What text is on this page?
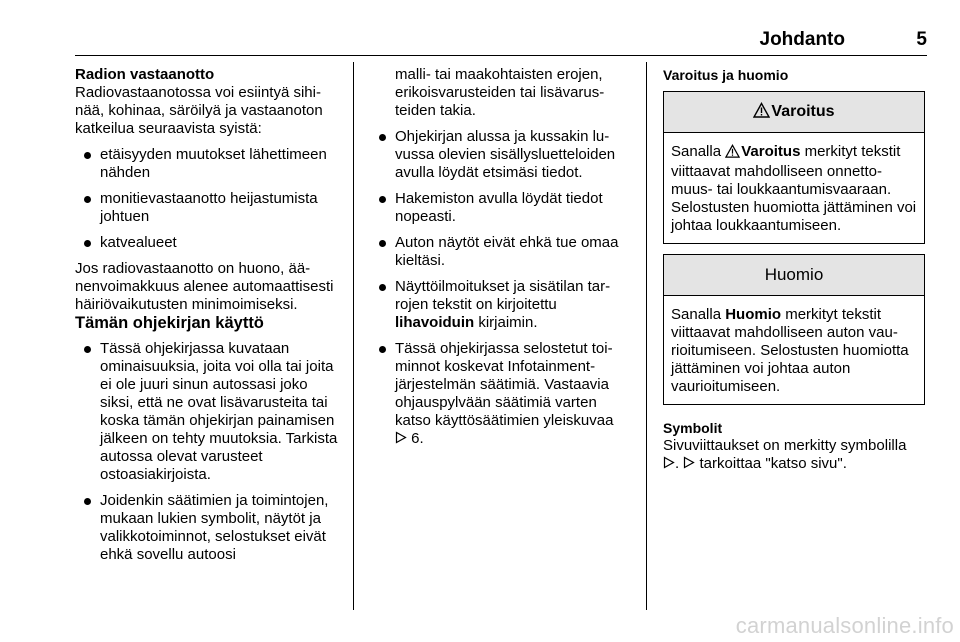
Johdanto	5

Radion vastaanotto

Radiovastaanotossa voi esiintyä sihinää, kohinaa, säröilyä ja vastaanoton katkeilua seuraavista syistä:

etäisyyden muutokset lähettimeen nähden
monitievastaanotto heijastumista johtuen
katvealueet

Jos radiovastaanotto on huono, äänenvoimakkuus alenee automaattisesti häiriövaikutusten minimoimiseksi.

Tämän ohjekirjan käyttö

Tässä ohjekirjassa kuvataan ominaisuuksia, joita voi olla tai joita ei ole juuri sinun autossasi joko siksi, että ne ovat lisävarusteita tai koska tämän ohjekirjan painamisen jälkeen on tehty muutoksia. Tarkista autossa olevat varusteet ostoasiakirjoista.
Joidenkin säätimien ja toimintojen, mukaan lukien symbolit, näytöt ja valikkotoiminnot, selostukset eivät ehkä sovellu autoosi

malli- tai maakohtaisten erojen, erikoisvarusteiden tai lisävarusteiden takia.

Ohjekirjan alussa ja kussakin luvussa olevien sisällysluetteloiden avulla löydät etsimäsi tiedot.
Hakemiston avulla löydät tiedot nopeasti.
Auton näytöt eivät ehkä tue omaa kieltäsi.
Näyttöilmoitukset ja sisätilan tarrojen tekstit on kirjoitettu
lihavoiduin kirjaimin.
Tässä ohjekirjassa selostetut toiminnot koskevat Infotainment-järjestelmän säätimiä. Vastaavia ohjauspylvään säätimiä varten katso käyttösäätimien yleiskuvaa
6.

Varoitus ja huomio

Varoitus
Sanalla Varoitus merkityt tekstit viittaavat mahdolliseen onnettomuus- tai loukkaantumisvaaraan. Selostusten huomiotta jättäminen voi johtaa loukkaantumiseen.
Huomio
Sanalla Huomio merkityt tekstit viittaavat mahdolliseen auton vaurioitumiseen. Selostusten huomiotta jättäminen voi johtaa auton vaurioitumiseen.

Symbolit

Sivuviittaukset on merkitty symbolilla
.  tarkoittaa "katso sivu".

carmanualsonline.info
